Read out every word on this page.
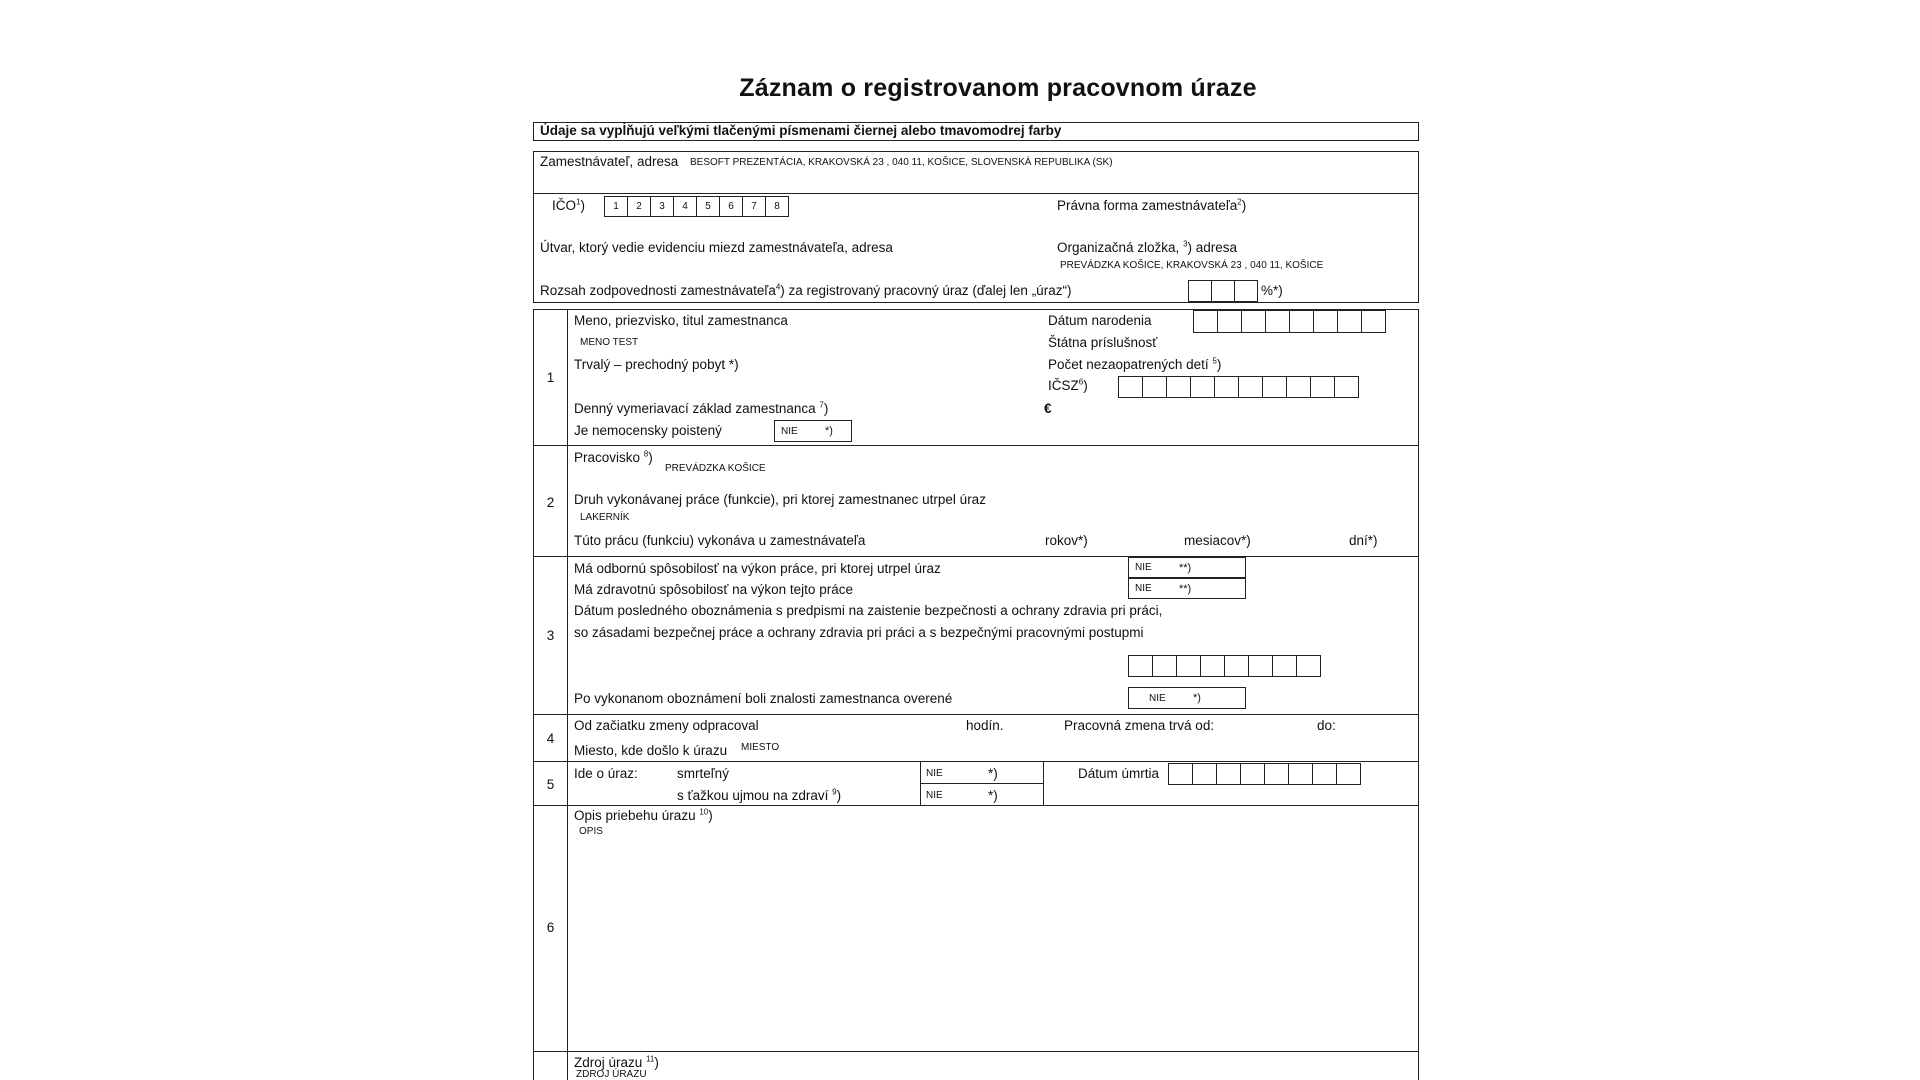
Záznam o registrovanom pracovnom úraze
Údaje sa vypĺňujú veľkými tlačenými písmenami čiernej alebo tmavomodrej farby
Zamestnávateľ, adresa BESOFT PREZENTÁCIA, KRAKOVSKÁ 23 , 040 11, KOŠICE, SLOVENSKÁ REPUBLIKA (SK)
IČO$^1$)	1	2	3	4	5	6	7	8	Právna forma zamestnávateľa$^2$)
Útvar, ktorý vedie evidenciu miezd zamestnávateľa, adresa	Organizačná zložka, $^3$) adresa
PREVÁDZKA KOŠICE, KRAKOVSKÁ 23 , 040 11, KOŠICE
Rozsah zodpovednosti zamestnávateľa$^4$) za registrovaný pracovný úraz (ďalej len „úraz“)	%*)
1
Meno, priezvisko, titul zamestnanca
MENO TEST
Dátum narodenia
Štátna príslušnosť
Trvalý – prechodný pobyt *)	Počet nezaopatrených detí $^5$)
IČSZ$^6$)
Denný vymeriavací základ zamestnanca $^7$)	€
Je nemocensky poistený	NIE	*)
2
Pracovisko $^8$)
PREVÁDZKA KOŠICE
Druh vykonávanej práce (funkcie), pri ktorej zamestnanec utrpel úraz
LAKERNÍK
Túto prácu (funkciu) vykonáva u zamestnávateľa	rokov*)	mesiacov*)	dní*)
3
Má odbornú spôsobilosť na výkon práce, pri ktorej utrpel úraz	NIE	**)
Má zdravotnú spôsobilosť na výkon tejto práce	NIE	**)
Dátum posledného oboznámenia s predpismi na zaistenie bezpečnosti a ochrany zdravia pri práci,
so zásadami bezpečnej práce a ochrany zdravia pri práci a s bezpečnými pracovnými postupmi
Po vykonanom oboznámení boli znalosti zamestnanca overené	NIE	*)
4
Od začiatku zmeny odpracoval	hodín.	Pracovná zmena trvá od:	do:
Miesto, kde došlo k úrazu MIESTO
5
Ide o úraz:	smrteľný	NIE	*)
s ťažkou ujmou na zdraví $^9$)	NIE	*)
Dátum úmrtia
6
Opis priebehu úrazu $^{10}$)
OPIS
Zdroj úrazu $^{11}$)
ZDROJ ÚRAZU
